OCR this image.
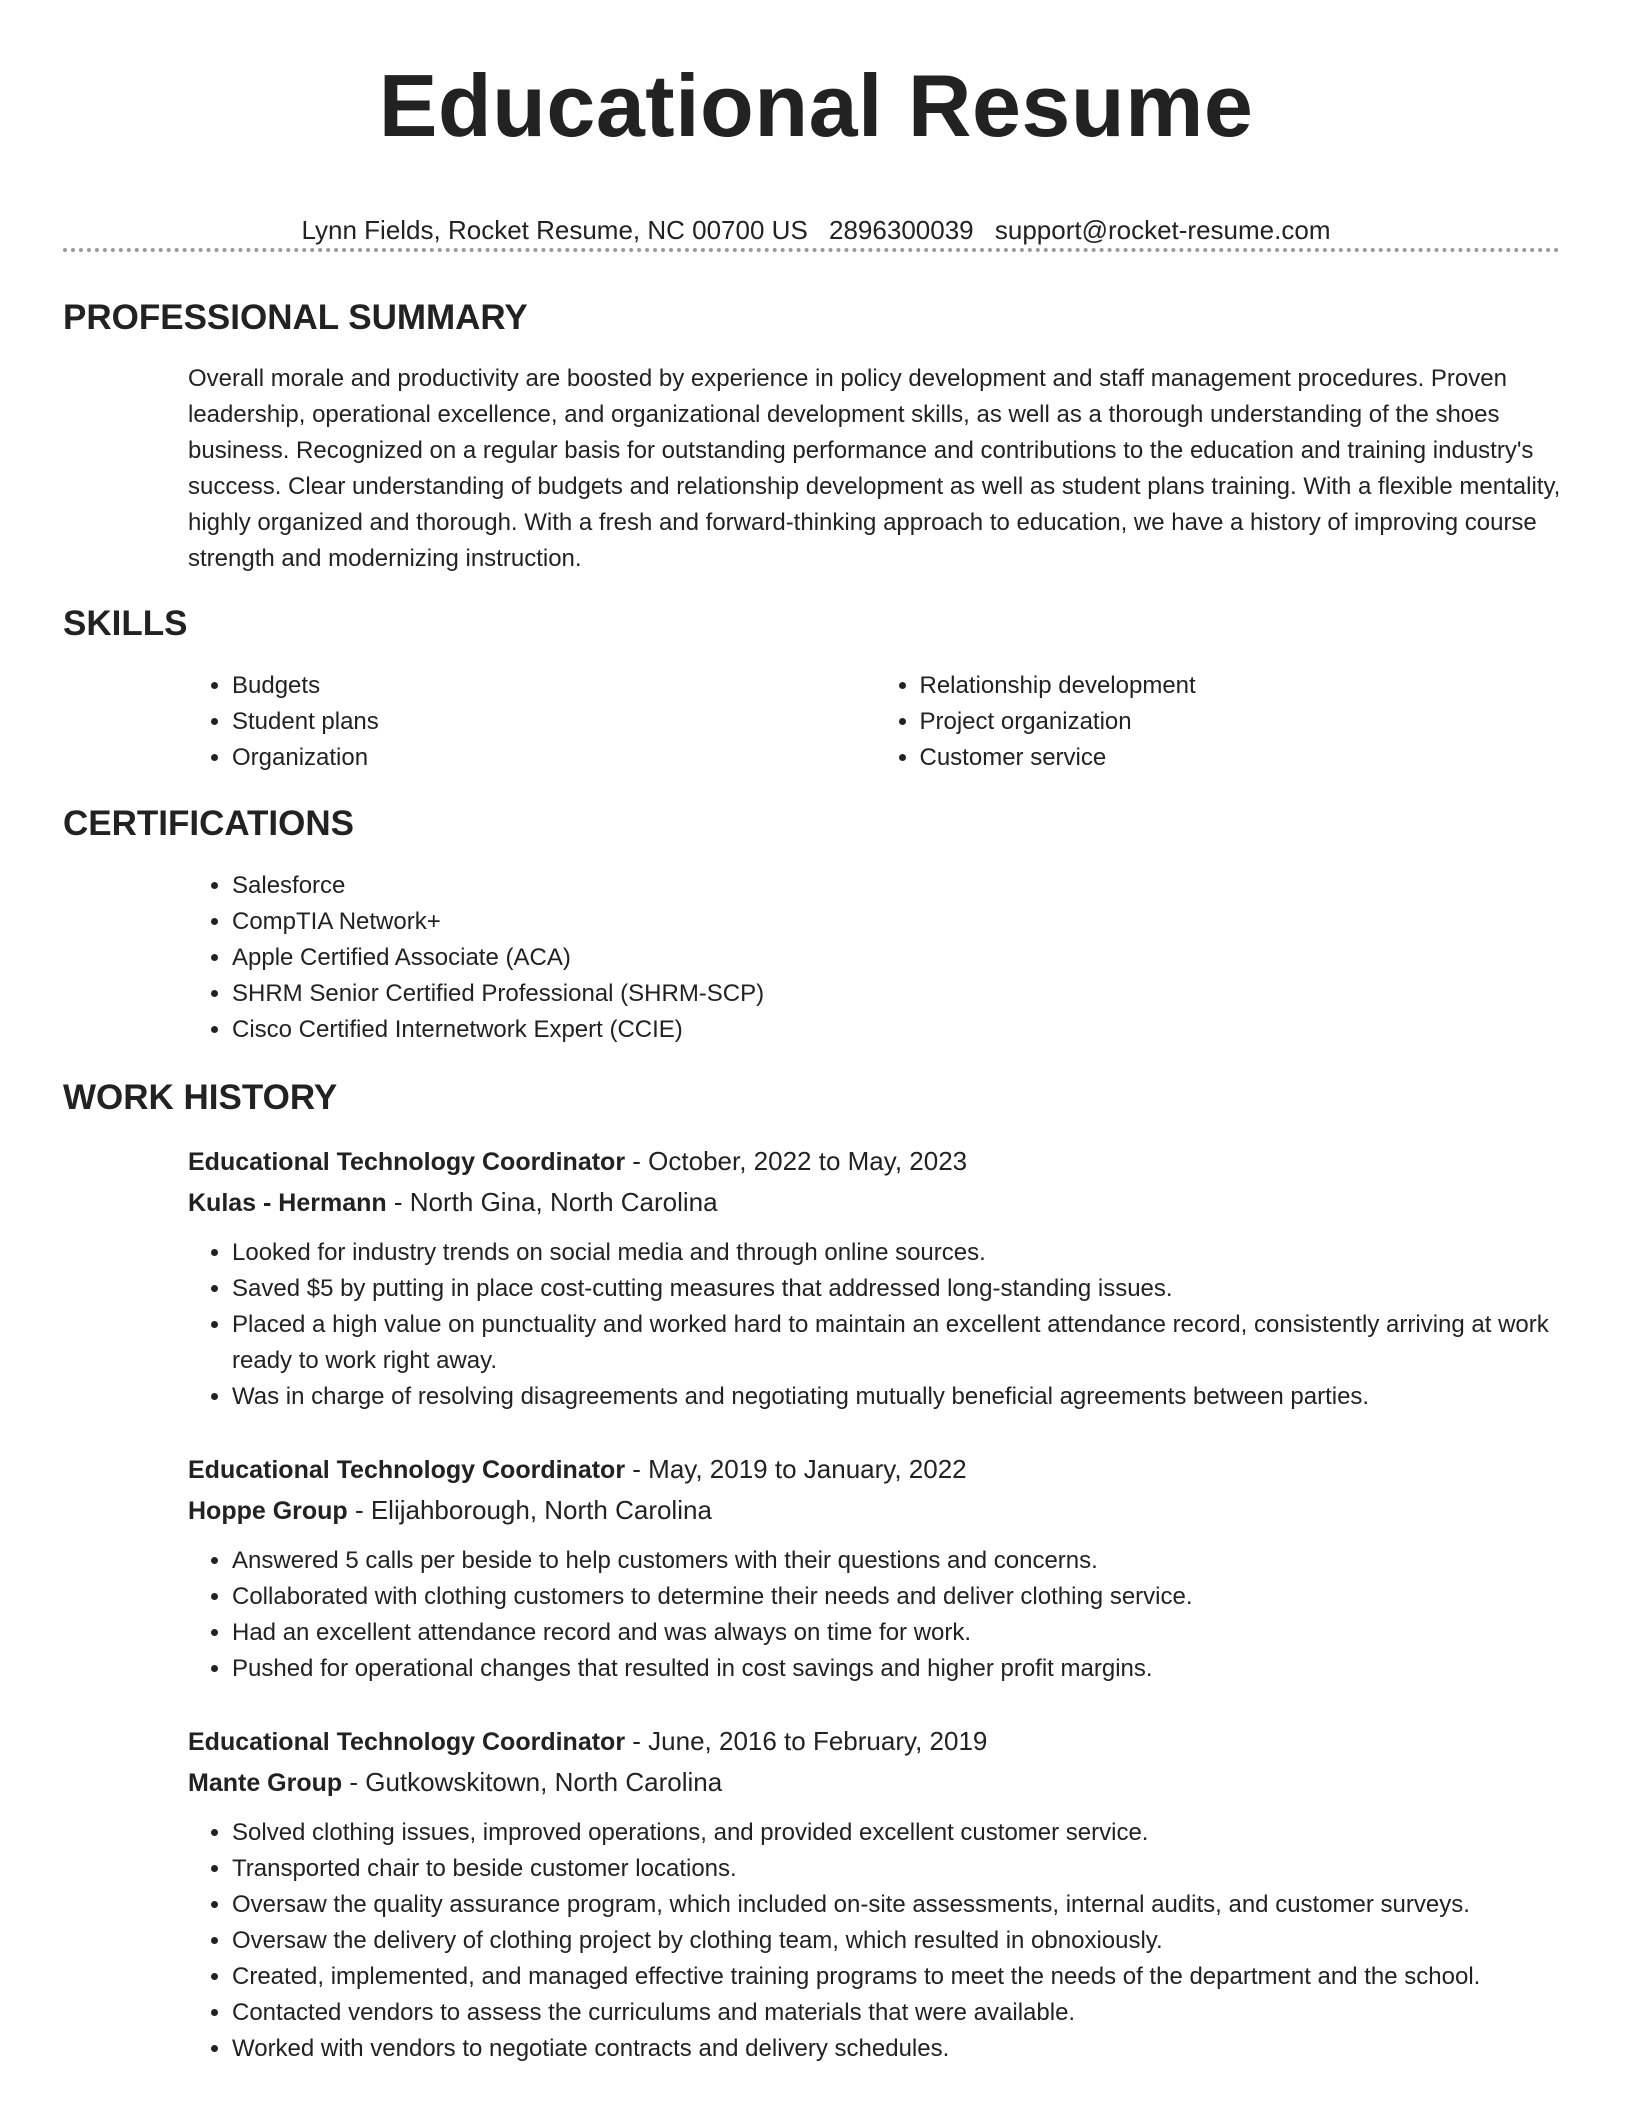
Educational Resume
Lynn Fields, Rocket Resume, NC 00700 US 2896300039 support@rocket-resume.com
PROFESSIONAL SUMMARY

Overall morale and productivity are boosted by experience in policy development and staff management procedures. Proven leadership, operational excellence, and organizational development skills, as well as a thorough understanding of the shoes business. Recognized on a regular basis for outstanding performance and contributions to the education and training industry's success. Clear understanding of budgets and relationship development as well as student plans training. With a flexible mentality, highly organized and thorough. With a fresh and forward-thinking approach to education, we have a history of improving course strength and modernizing instruction.

SKILLS
• Budgets
• Student plans
• Organization
• Relationship development
• Project organization
• Customer service
CERTIFICATIONS
• Salesforce
• CompTIA Network+
• Apple Certified Associate (ACA)
• SHRM Senior Certified Professional (SHRM-SCP)
• Cisco Certified Internetwork Expert (CCIE)
WORK HISTORY
Educational Technology Coordinator - October, 2022 to May, 2023
Kulas - Hermann - North Gina, North Carolina
• Looked for industry trends on social media and through online sources.
• Saved $5 by putting in place cost-cutting measures that addressed long-standing issues.
• Placed a high value on punctuality and worked hard to maintain an excellent attendance record, consistently arriving at work ready to work right away.
• Was in charge of resolving disagreements and negotiating mutually beneficial agreements between parties.
Educational Technology Coordinator - May, 2019 to January, 2022
Hoppe Group - Elijahborough, North Carolina
• Answered 5 calls per beside to help customers with their questions and concerns.
• Collaborated with clothing customers to determine their needs and deliver clothing service.
• Had an excellent attendance record and was always on time for work.
• Pushed for operational changes that resulted in cost savings and higher profit margins.
Educational Technology Coordinator - June, 2016 to February, 2019
Mante Group - Gutkowskitown, North Carolina
• Solved clothing issues, improved operations, and provided excellent customer service.
• Transported chair to beside customer locations.
• Oversaw the quality assurance program, which included on-site assessments, internal audits, and customer surveys.
• Oversaw the delivery of clothing project by clothing team, which resulted in obnoxiously.
• Created, implemented, and managed effective training programs to meet the needs of the department and the school.
• Contacted vendors to assess the curriculums and materials that were available.
• Worked with vendors to negotiate contracts and delivery schedules.
